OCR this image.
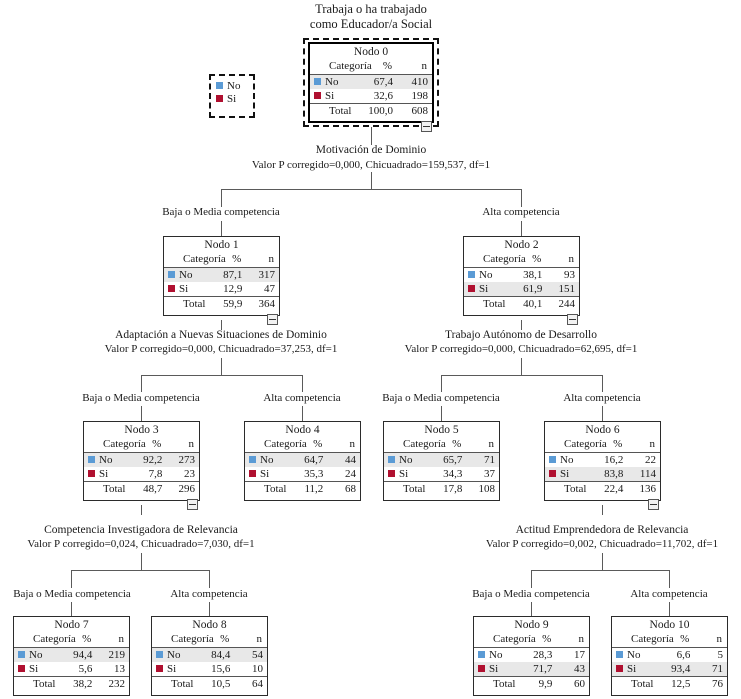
Trabaja o ha trabajado
como Educador/a Social
No
Si
Nodo 0
	Categoría	%	n
	No	67,4	410
	Si	32,6	198
	Total	100,0	608
Motivación de Dominio
Valor P corregido=0,000, Chicuadrado=159,537, df=1
Baja o Media competencia	Alta competencia
Nodo 1
	Categoría	%	n
	No	87,1	317
	Si	12,9	47
	Total	59,9	364
Nodo 2
	Categoría	%	n
	No	38,1	93
	Si	61,9	151
	Total	40,1	244
Adaptación a Nuevas Situaciones de Dominio
Valor P corregido=0,000, Chicuadrado=37,253, df=1
Baja o Media competencia	Alta competencia
Trabajo Autónomo de Desarrollo
Valor P corregido=0,000, Chicuadrado=62,695, df=1
Baja o Media competencia	Alta competencia
Nodo 3
	Categoría	%	n
	No	92,2	273
	Si	7,8	23
	Total	48,7	296
Nodo 4
	Categoría	%	n
	No	64,7	44
	Si	35,3	24
	Total	11,2	68
Nodo 5
	Categoría	%	n
	No	65,7	71
	Si	34,3	37
	Total	17,8	108
Nodo 6
	Categoría	%	n
	No	16,2	22
	Si	83,8	114
	Total	22,4	136
Competencia Investigadora de Relevancia
Valor P corregido=0,024, Chicuadrado=7,030, df=1
Baja o Media competencia	Alta competencia
Actitud Emprendedora de Relevancia
Valor P corregido=0,002, Chicuadrado=11,702, df=1
Baja o Media competencia	Alta competencia
Nodo 7
	Categoría	%	n
	No	94,4	219
	Si	5,6	13
	Total	38,2	232
Nodo 8
	Categoría	%	n
	No	84,4	54
	Si	15,6	10
	Total	10,5	64
Nodo 9
	Categoría	%	n
	No	28,3	17
	Si	71,7	43
	Total	9,9	60
Nodo 10
	Categoría	%	n
	No	6,6	5
	Si	93,4	71
	Total	12,5	76
